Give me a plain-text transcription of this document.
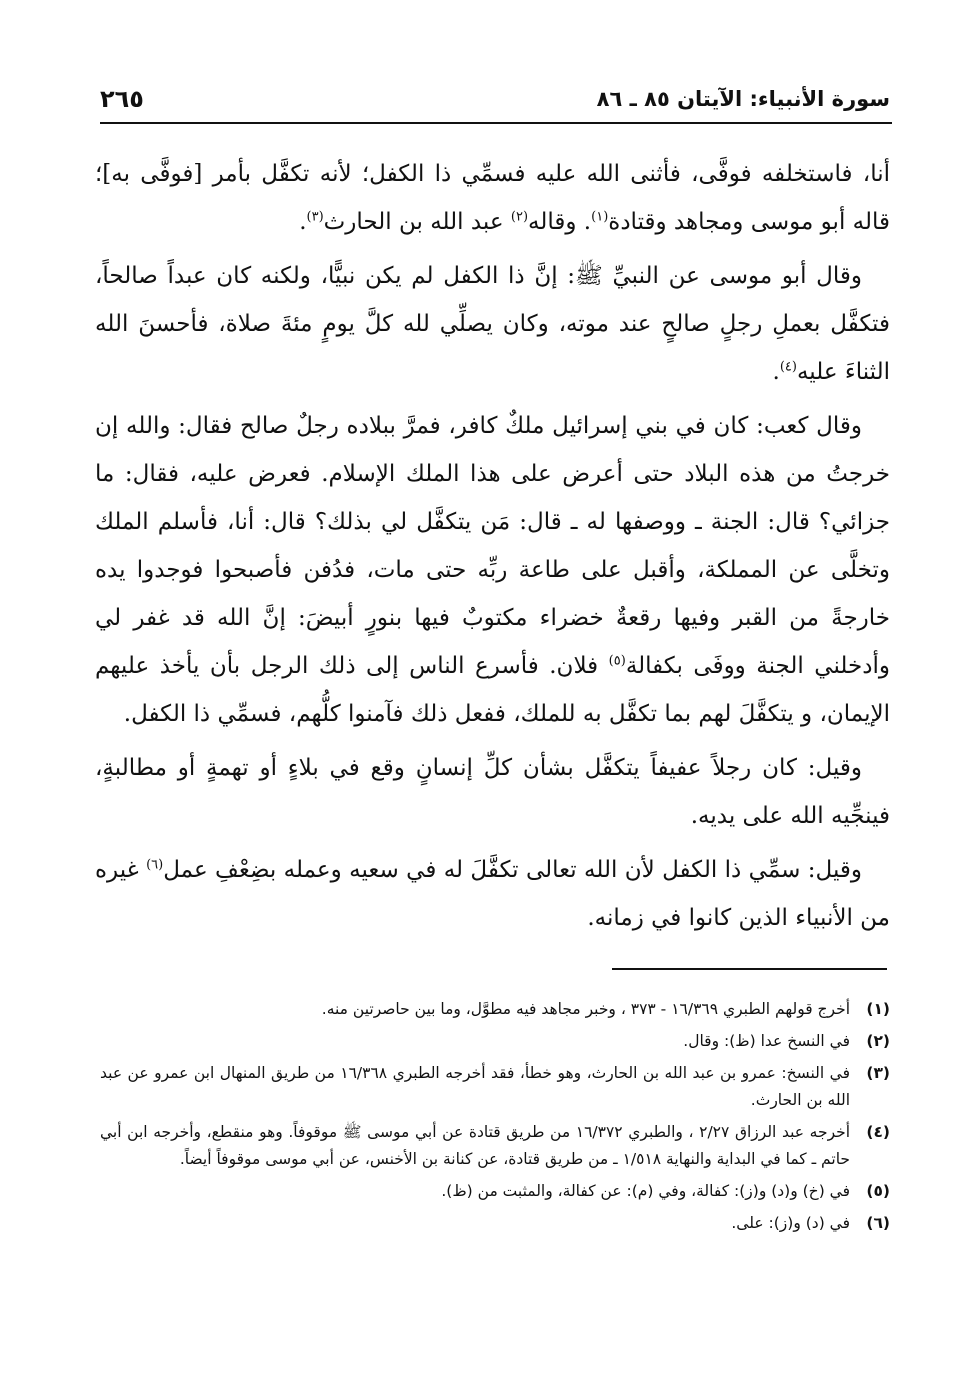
سورة الأنبياء: الآيتان ٨٥ ـ ٨٦
٢٦٥

أنا، فاستخلفه فوفَّى، فأثنى الله عليه فسمِّي ذا الكفل؛ لأنه تكفَّل بأمر [فوفَّى به]؛ قاله أبو موسى ومجاهد وقتادة$^{(١)}$. وقاله$^{(٢)}$ عبد الله بن الحارث$^{(٣)}$.

وقال أبو موسى عن النبيِّ ﷺ: إنَّ ذا الكفل لم يكن نبيًّا، ولكنه كان عبداً صالحاً، فتكفَّل بعملِ رجلٍ صالحٍ عند موته، وكان يصلِّي لله كلَّ يومٍ مئةَ صلاة، فأحسنَ الله الثناءَ عليه$^{(٤)}$.

وقال كعب: كان في بني إسرائيل ملكٌ كافر، فمرَّ ببلاده رجلٌ صالح فقال: والله إن خرجتُ من هذه البلاد حتى أعرض على هذا الملك الإسلام. فعرض عليه، فقال: ما جزائي؟ قال: الجنة ـ ووصفها له ـ قال: مَن يتكفَّل لي بذلك؟ قال: أنا، فأسلم الملك وتخلَّى عن المملكة، وأقبل على طاعة ربِّه حتى مات، فدُفن فأصبحوا فوجدوا يده خارجةً من القبر وفيها رقعةٌ خضراء مكتوبٌ فيها بنورٍ أبيضَ: إنَّ الله قد غفر لي وأدخلني الجنة ووفَى بكفالة$^{(٥)}$ فلان. فأسرع الناس إلى ذلك الرجل بأن يأخذ عليهم الإيمان، و يتكفَّلَ لهم بما تكفَّل به للملك، ففعل ذلك فآمنوا كلُّهم، فسمِّي ذا الكفل.

وقيل: كان رجلاً عفيفاً يتكفَّل بشأن كلِّ إنسانٍ وقع في بلاءٍ أو تهمةٍ أو مطالبةٍ، فينجِّيه الله على يديه.

وقيل: سمِّي ذا الكفل لأن الله تعالى تكفَّلَ له في سعيه وعمله بضِعْفِ عمل$^{(٦)}$ غيره من الأنبياء الذين كانوا في زمانه.

(١)
أخرج قولهم الطبري ١٦/٣٦٩ - ٣٧٣ ، وخبر مجاهد فيه مطوَّل، وما بين حاصرتين منه.
(٢)
في النسخ عدا (ظ): وقال.
(٣)
في النسخ: عمرو بن عبد الله بن الحارث، وهو خطأ، فقد أخرجه الطبري ١٦/٣٦٨ من طريق المنهال ابن عمرو عن عبد الله بن الحارث.
(٤)
أخرجه عبد الرزاق ٢/٢٧ ، والطبري ١٦/٣٧٢ من طريق قتادة عن أبي موسى ﷺ موقوفاً. وهو منقطع، وأخرجه ابن أبي حاتم ـ كما في البداية والنهاية ١/٥١٨ ـ من طريق قتادة، عن كنانة بن الأخنس، عن أبي موسى موقوفاً أيضاً.
(٥)
في (خ) و(د) و(ز): كفالة، وفي (م): عن كفالة، والمثبت من (ظ).
(٦)
في (د) و(ز): على.
